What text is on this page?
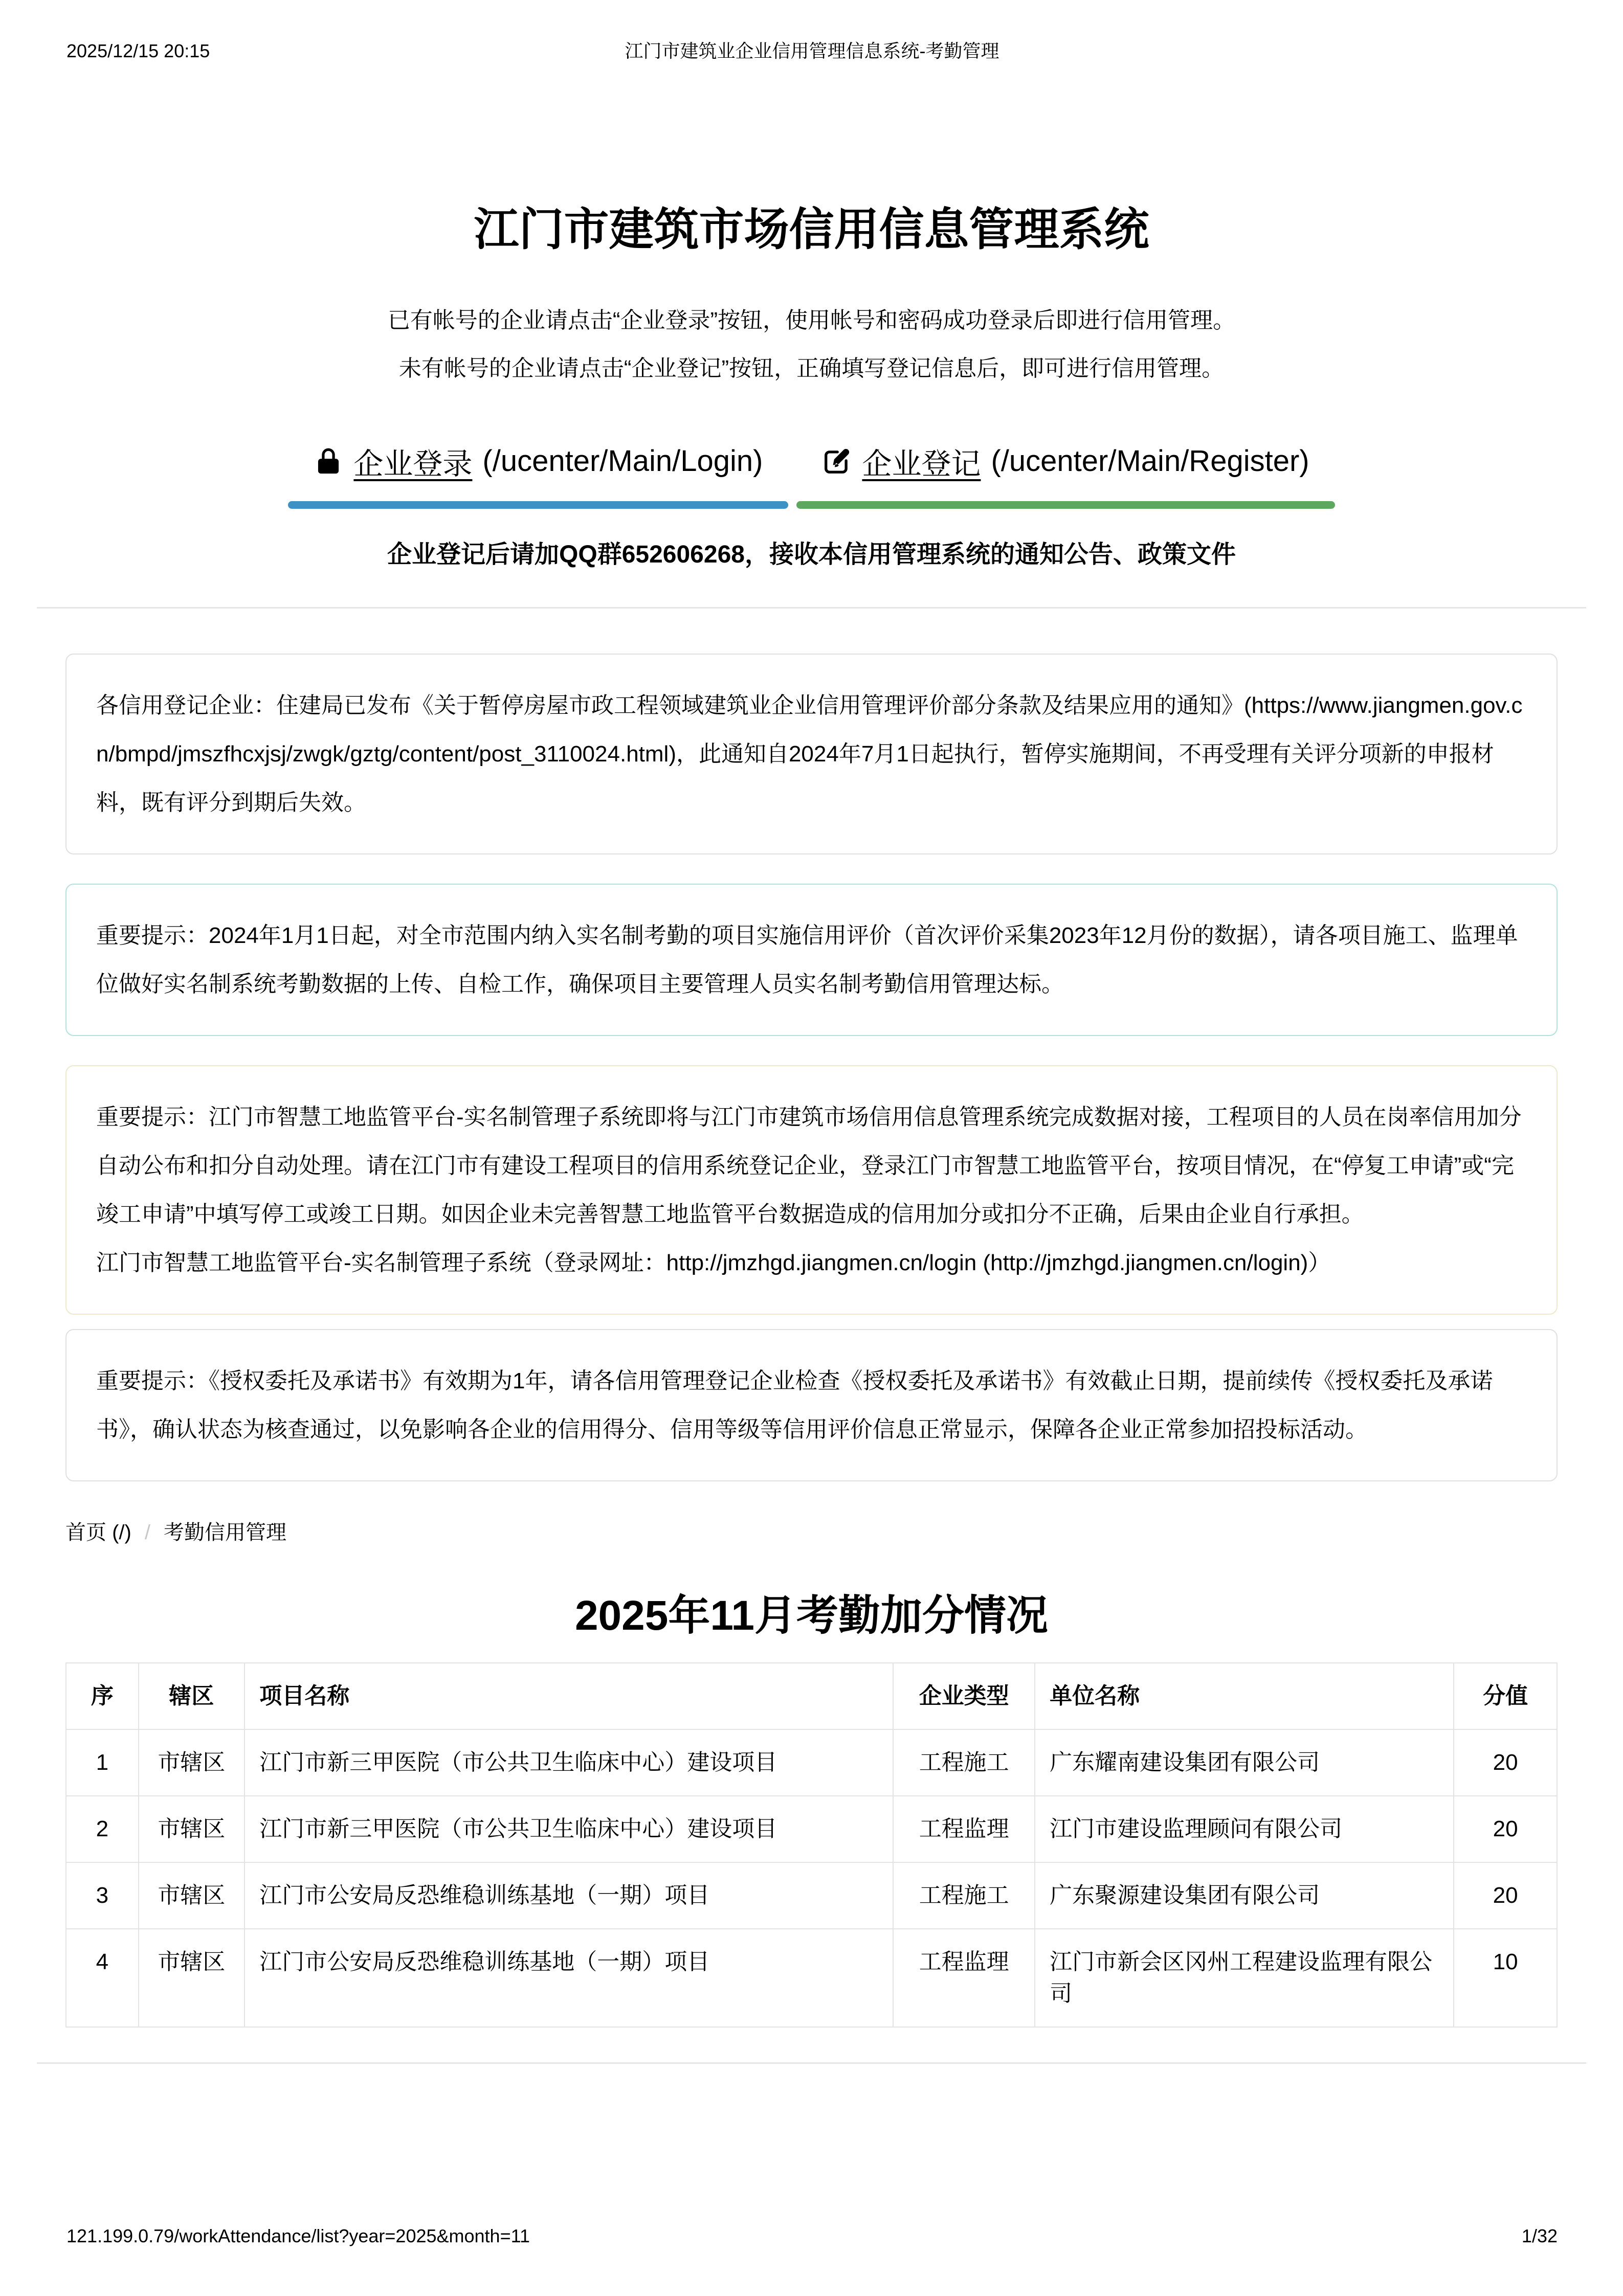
2025/12/15 20:15	江门市建筑业企业信用管理信息系统-考勤管理
江门市建筑市场信用信息管理系统

已有帐号的企业请点击“企业登录”按钮，使用帐号和密码成功登录后即进行信用管理。

未有帐号的企业请点击“企业登记”按钮，正确填写登记信息后，即可进行信用管理。

企业登录 (/ucenter/Main/Login)	企业登记 (/ucenter/Main/Register)
企业登记后请加QQ群652606268，接收本信用管理系统的通知公告、政策文件

各信用登记企业：住建局已发布《关于暂停房屋市政工程领域建筑业企业信用管理评价部分条款及结果应用的通知》(https://www.jiangmen.gov.cn/bmpd/jmszfhcxjsj/zwgk/gztg/content/post_3110024.html)，此通知自2024年7月1日起执行，暂停实施期间，不再受理有关评分项新的申报材料，既有评分到期后失效。

重要提示：2024年1月1日起，对全市范围内纳入实名制考勤的项目实施信用评价（首次评价采集2023年12月份的数据），请各项目施工、监理单位做好实名制系统考勤数据的上传、自检工作，确保项目主要管理人员实名制考勤信用管理达标。

重要提示：江门市智慧工地监管平台-实名制管理子系统即将与江门市建筑市场信用信息管理系统完成数据对接，工程项目的人员在岗率信用加分自动公布和扣分自动处理。请在江门市有建设工程项目的信用系统登记企业，登录江门市智慧工地监管平台，按项目情况，在“停复工申请”或“完竣工申请”中填写停工或竣工日期。如因企业未完善智慧工地监管平台数据造成的信用加分或扣分不正确，后果由企业自行承担。

江门市智慧工地监管平台-实名制管理子系统（登录网址：http://jmzhgd.jiangmen.cn/login (http://jmzhgd.jiangmen.cn/login)）

重要提示：《授权委托及承诺书》有效期为1年，请各信用管理登记企业检查《授权委托及承诺书》有效截止日期，提前续传《授权委托及承诺书》，确认状态为核查通过，以免影响各企业的信用得分、信用等级等信用评价信息正常显示，保障各企业正常参加招投标活动。

首页 (/) / 考勤信用管理
2025年11月考勤加分情况
序	辖区	项目名称	企业类型	单位名称	分值
1	市辖区	江门市新三甲医院（市公共卫生临床中心）建设项目	工程施工	广东耀南建设集团有限公司	20
2	市辖区	江门市新三甲医院（市公共卫生临床中心）建设项目	工程监理	江门市建设监理顾问有限公司	20
3	市辖区	江门市公安局反恐维稳训练基地（一期）项目	工程施工	广东聚源建设集团有限公司	20
4	市辖区	江门市公安局反恐维稳训练基地（一期）项目	工程监理	江门市新会区冈州工程建设监理有限公司	10
121.199.0.79/workAttendance/list?year=2025&month=11	1/32
